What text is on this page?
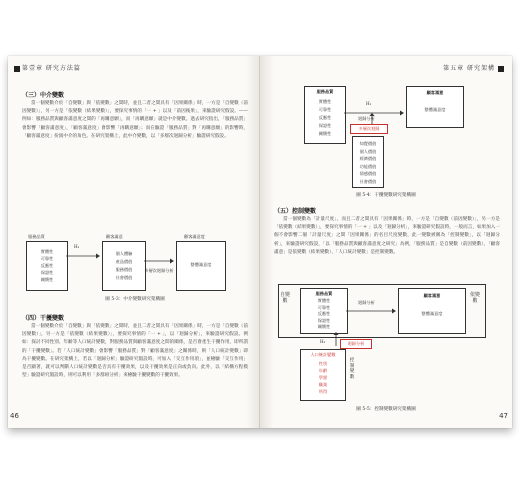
第壹章 研究方法篇
（三）中介變數

當一個變數介於「自變數」與「依變數」之間時，並且二者之間具有「因果關係」時，一方是「自變數（前因變數）」，另一方是「依變數（結果變數）」，要探究事情的「一 + 」以及「前因後果」，來驗證研究假設。——例如：服務品質與顧客滿意度之間的「再購意願」，而「再購意願」就是中介變數。過去研究指出，「服務品質」會影響「顧客滿意度」，「顧客滿意度」會影響「再購意願」；而在驗證「服務品質」對「再購意願」的影響時，「顧客滿意度」扮演中介的角色。在研究架構上，此中介變數，以「多層次迴歸分析」驗證研究假設。

服務品質
實體性
可靠性
反應性
保證性
關懷性
H₁
顧客滿意
個人體驗
產品價值
服務價值
社會價值
多層次迴歸分析
顧客滿意度
整體滿意度
圖 5-3：中介變數研究架構圖
（四）干擾變數

當一個變數介於「自變數」與「依變數」之間時，並且二者之間具有「因果關係」時，一方是「自變數（前因變數）」，另一方是「依變數（結果變數）」，要探究事情的「一 + 」，以「迴歸分析」，來驗證研究假設。例如：探討不同性別、年齡等人口統計變數，對服務品質與顧客滿意度之間的關係，是否會產生干擾作用，即所謂的「干擾變數」。若「人口統計變數」會影響「服務品質」對「顧客滿意度」之關係時，則「人口統計變數」即為干擾變數。在研究架構上，若以「迴歸分析」驗證研究假設時，可加入「交互作用項」，並檢驗「交互作用」是否顯著，就可以判斷人口統計變數是否具有干擾效果，以及干擾效果是正向或負向。此外，以「結構方程模型」驗證研究假設時，則可以利用「多群組分析」來檢驗干擾變數的干擾效果。

46
第五章 研究架構
服務品質
實體性
可靠性
反應性
保證性
關懷性
H₁
迴歸分析
顧客滿意
整體滿意度
多層次迴歸
知覺價值
個人價值
經濟價值
功能價值
情感價值
社會價值
圖 5-4：干擾變數研究架構圖
（五）控制變數

當一個變數為「計量尺度」，而且二者之間具有「因果關係」時，一方是「自變數（前因變數）」，另一方是「依變數（結果變數）」，要探究事情的「一 + 」以及「迴歸分析」，來驗證研究假設時，一般而言，如果加入一個不會影響二個「計量尺度」之間「因果關係」的名目尺度變數，此一變數被稱為「控制變數」，以「迴歸分析」，來驗證研究假設，「以「服務品質與顧客滿意度之研究」為例，「服務品質」是自變數（前因變數），「顧客滿意」是依變數（結果變數），「人口統計變數」是控制變數。

自變數
依變數
服務品質
實體性
可靠性
反應性
保證性
關懷性
迴歸分析
顧客滿意
整體滿意度
H₁	迴歸分析
人口統計變數
性別
年齡
學歷
職業
所得
控制變數
圖 5-5：控制變數研究架構圖
47
